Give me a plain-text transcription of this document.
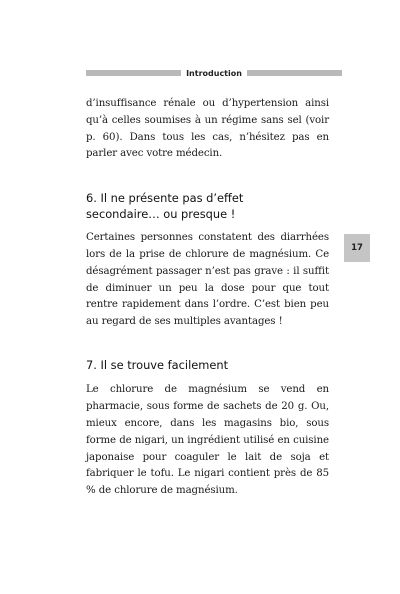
Introduction

d’insuffisance rénale ou d’hypertension ainsi qu’à celles soumises à un régime sans sel (voir p. 60). Dans tous les cas, n’hésitez pas en parler avec votre médecin.

6. Il ne présente pas d’effet
secondaire… ou presque !

Certaines personnes constatent des diarrhées lors de la prise de chlorure de magnésium. Ce désagrément passager n’est pas grave : il suffit de diminuer un peu la dose pour que tout rentre rapidement dans l’ordre. C’est bien peu au regard de ses multiples avantages !

7. Il se trouve facilement

Le chlorure de magnésium se vend en pharmacie, sous forme de sachets de 20 g. Ou, mieux encore, dans les magasins bio, sous forme de nigari, un ingrédient utilisé en cuisine japonaise pour coaguler le lait de soja et fabriquer le tofu. Le nigari contient près de 85 % de chlorure de magnésium.

17
